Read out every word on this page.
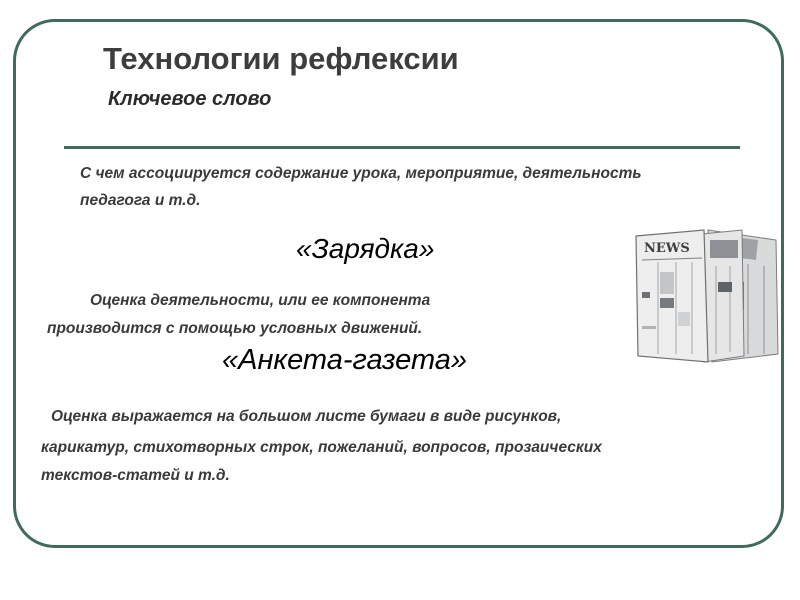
Технологии рефлексии
Ключевое слово
С чем ассоциируется содержание урока, мероприятие, деятельность педагога и т.д.
«Зарядка»
Оценка деятельности, или ее компонента
производится с помощью условных движений.
«Анкета-газета»
Оценка выражается на большом листе бумаги в виде рисунков,
карикатур, стихотворных строк, пожеланий, вопросов, прозаических
текстов-статей и т.д.
NEWS
